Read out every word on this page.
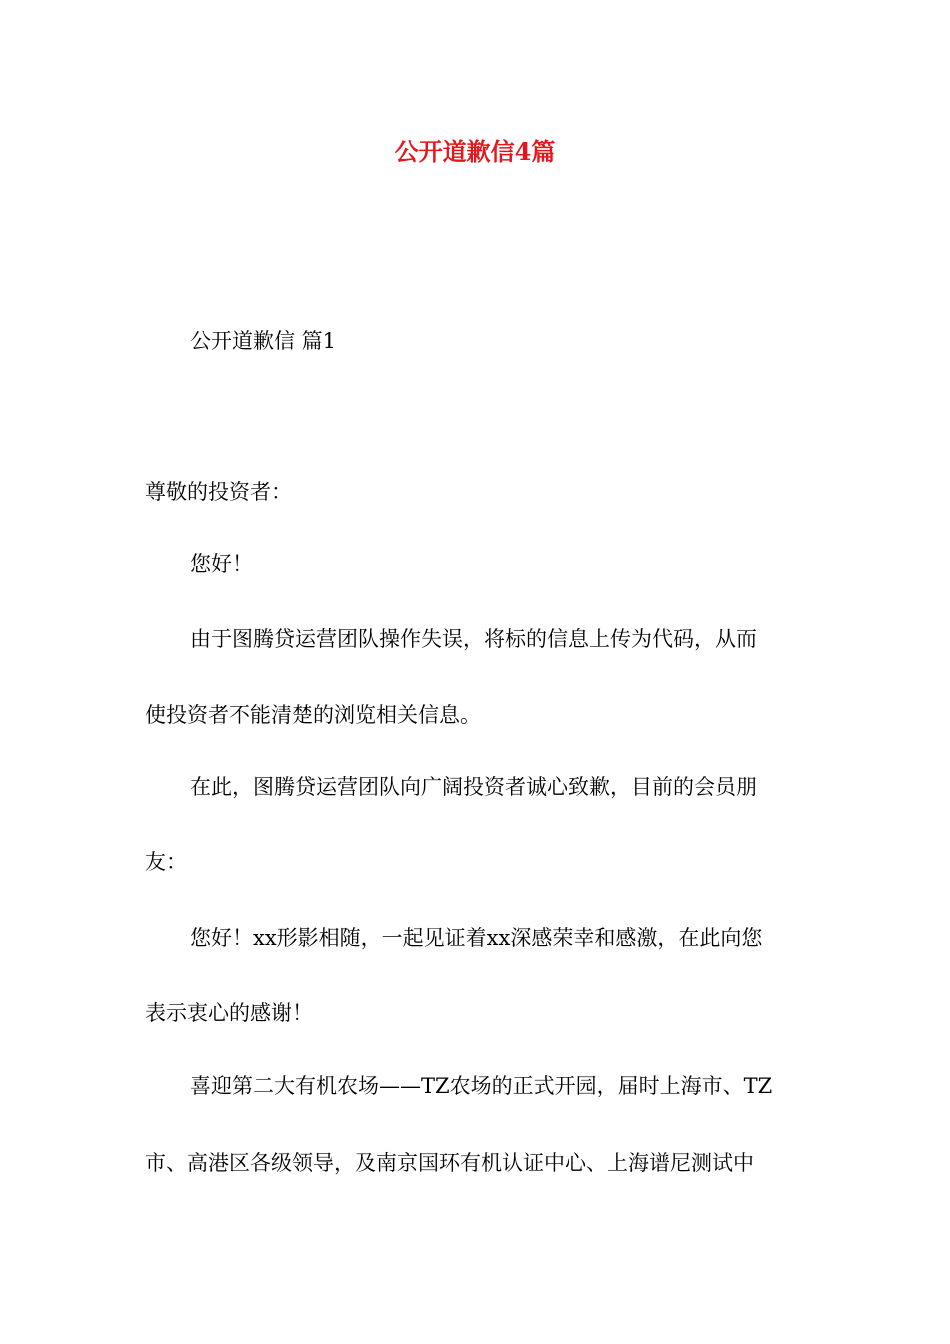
公开道歉信4篇
公开道歉信 篇1
尊敬的投资者：
您好！
由于图腾贷运营团队操作失误，将标的信息上传为代码，从而
使投资者不能清楚的浏览相关信息。
在此，图腾贷运营团队向广阔投资者诚心致歉，目前的会员朋
友：
您好！xx形影相随，一起见证着xx深感荣幸和感激，在此向您
表示衷心的感谢！
喜迎第二大有机农场——TZ农场的正式开园，届时上海市、TZ
市、高港区各级领导，及南京国环有机认证中心、上海谱尼测试中
